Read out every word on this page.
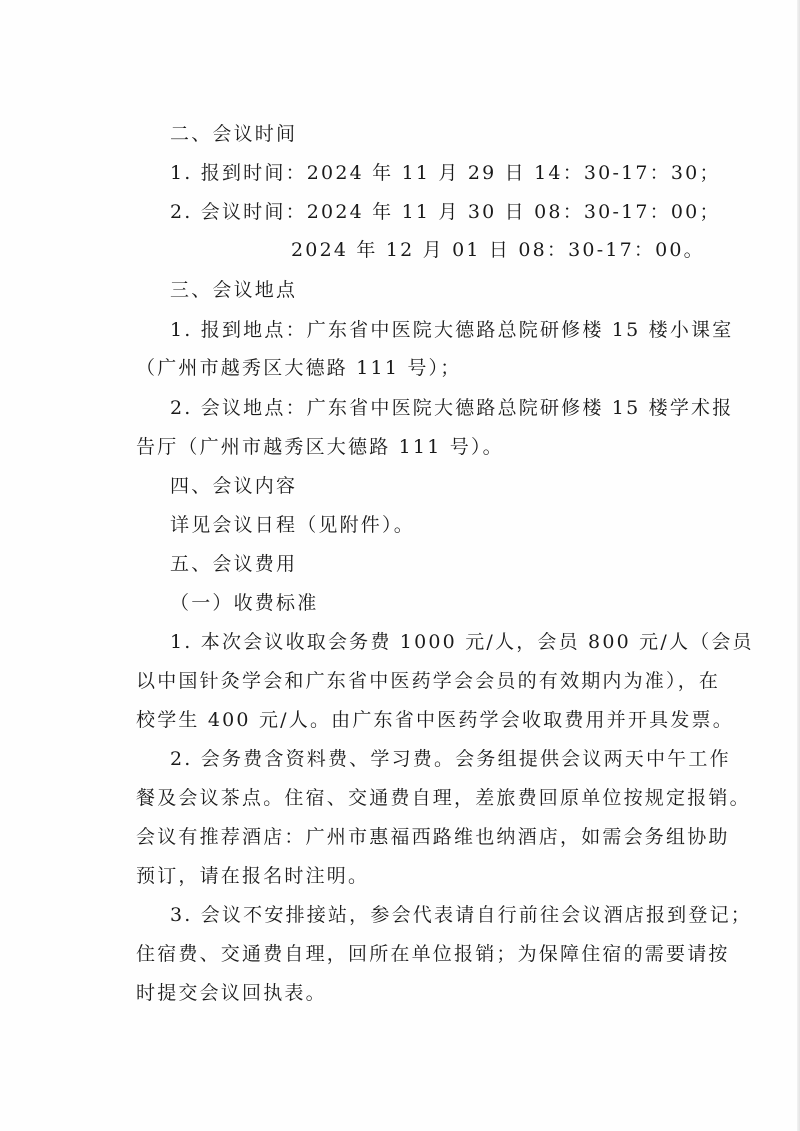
二、会议时间
1. 报到时间：2024 年 11 月 29 日 14：30-17：30；
2. 会议时间：2024 年 11 月 30 日 08：30-17：00；
2024 年 12 月 01 日 08：30-17：00。
三、会议地点
1. 报到地点：广东省中医院大德路总院研修楼 15 楼小课室
（广州市越秀区大德路 111 号）；
2. 会议地点：广东省中医院大德路总院研修楼 15 楼学术报
告厅（广州市越秀区大德路 111 号）。
四、会议内容
详见会议日程（见附件）。
五、会议费用
（一）收费标准
1. 本次会议收取会务费 1000 元/人，会员 800 元/人（会员
以中国针灸学会和广东省中医药学会会员的有效期内为准），在
校学生 400 元/人。由广东省中医药学会收取费用并开具发票。
2. 会务费含资料费、学习费。会务组提供会议两天中午工作
餐及会议茶点。住宿、交通费自理，差旅费回原单位按规定报销。
会议有推荐酒店：广州市惠福西路维也纳酒店，如需会务组协助
预订，请在报名时注明。
3. 会议不安排接站，参会代表请自行前往会议酒店报到登记；
住宿费、交通费自理，回所在单位报销；为保障住宿的需要请按
时提交会议回执表。
